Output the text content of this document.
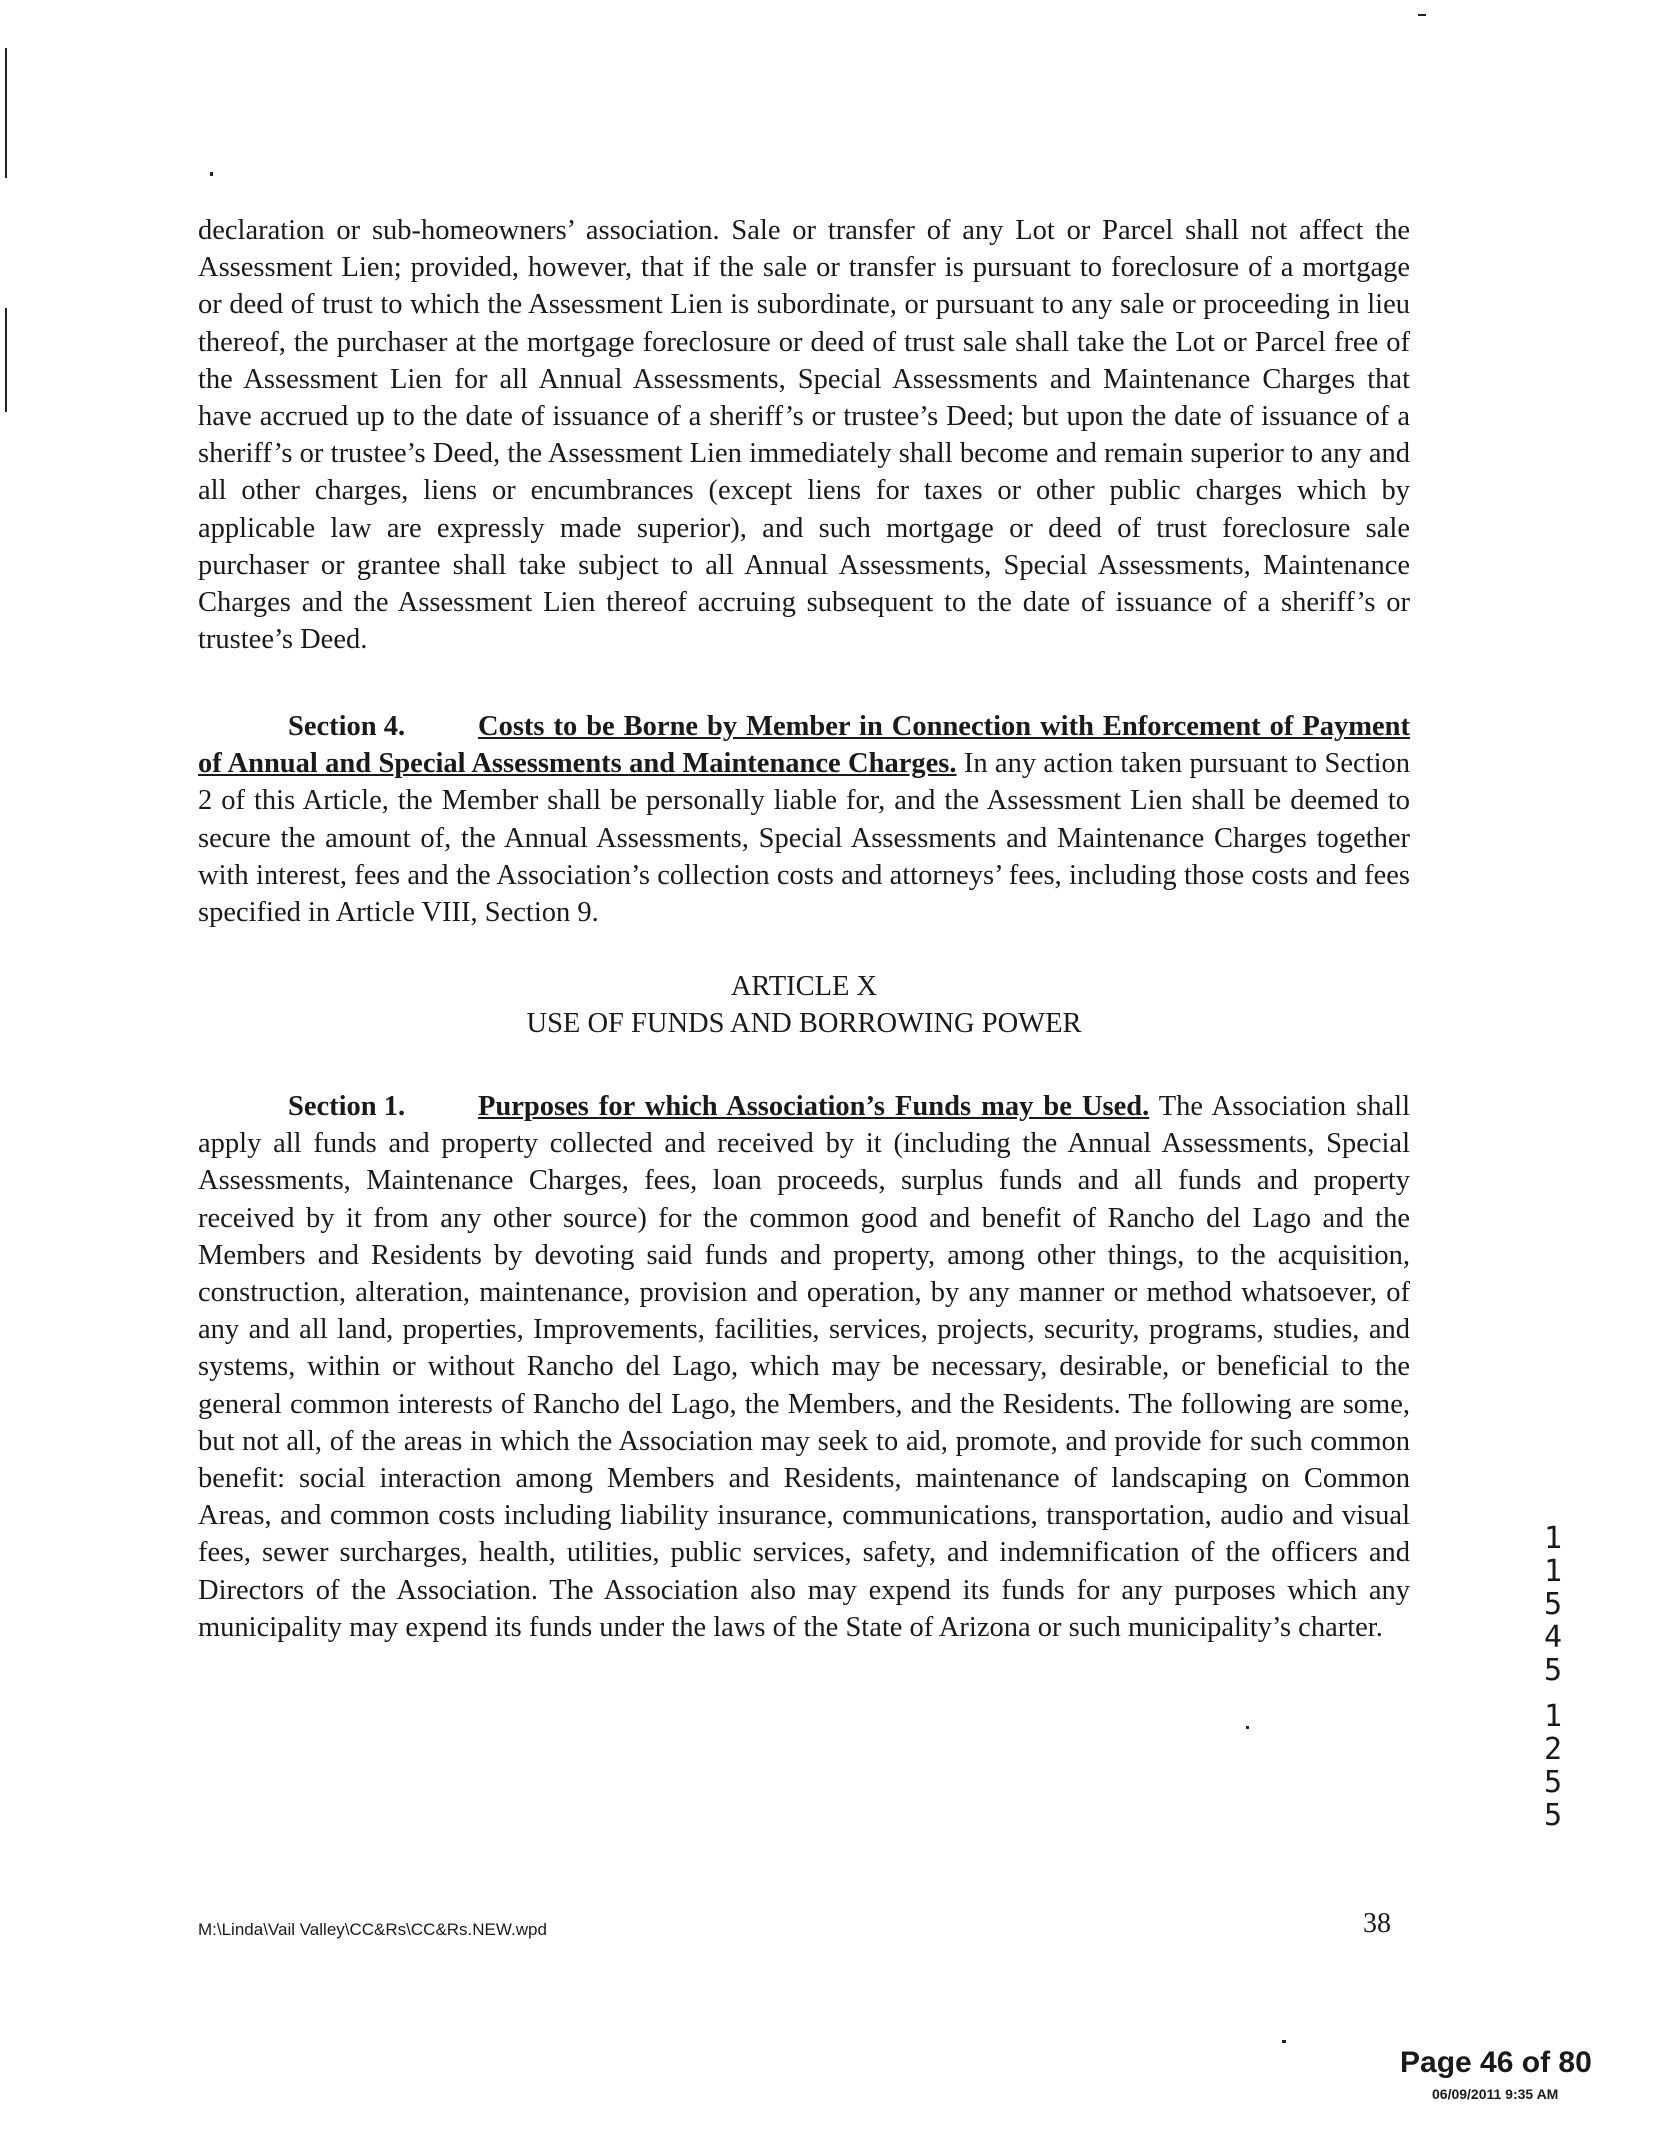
declaration or sub-homeowners’ association. Sale or transfer of any Lot or Parcel shall not affect the Assessment Lien; provided, however, that if the sale or transfer is pursuant to foreclosure of a mortgage or deed of trust to which the Assessment Lien is subordinate, or pursuant to any sale or proceeding in lieu thereof, the purchaser at the mortgage foreclosure or deed of trust sale shall take the Lot or Parcel free of the Assessment Lien for all Annual Assessments, Special Assessments and Maintenance Charges that have accrued up to the date of issuance of a sheriff’s or trustee’s Deed; but upon the date of issuance of a sheriff’s or trustee’s Deed, the Assessment Lien immediately shall become and remain superior to any and all other charges, liens or encumbrances (except liens for taxes or other public charges which by applicable law are expressly made superior), and such mortgage or deed of trust foreclosure sale purchaser or grantee shall take subject to all Annual Assessments, Special Assessments, Maintenance Charges and the Assessment Lien thereof accruing subsequent to the date of issuance of a sheriff’s or trustee’s Deed.

Section 4.	Costs to be Borne by Member in Connection with Enforcement of Payment of Annual and Special Assessments and Maintenance Charges. In any action taken pursuant to Section 2 of this Article, the Member shall be personally liable for, and the Assessment Lien shall be deemed to secure the amount of, the Annual Assessments, Special Assessments and Maintenance Charges together with interest, fees and the Association’s collection costs and attorneys’ fees, including those costs and fees specified in Article VIII, Section 9.

ARTICLE X

USE OF FUNDS AND BORROWING POWER

Section 1.	Purposes for which Association’s Funds may be Used. The Association shall apply all funds and property collected and received by it (including the Annual Assessments, Special Assessments, Maintenance Charges, fees, loan proceeds, surplus funds and all funds and property received by it from any other source) for the common good and benefit of Rancho del Lago and the Members and Residents by devoting said funds and property, among other things, to the acquisition, construction, alteration, maintenance, provision and operation, by any manner or method whatsoever, of any and all land, properties, Improvements, facilities, services, projects, security, programs, studies, and systems, within or without Rancho del Lago, which may be necessary, desirable, or beneficial to the general common interests of Rancho del Lago, the Members, and the Residents. The following are some, but not all, of the areas in which the Association may seek to aid, promote, and provide for such common benefit: social interaction among Members and Residents, maintenance of landscaping on Common Areas, and common costs including liability insurance, communications, transportation, audio and visual fees, sewer surcharges, health, utilities, public services, safety, and indemnification of the officers and Directors of the Association. The Association also may expend its funds for any purposes which any municipality may expend its funds under the laws of the State of Arizona or such municipality’s charter.

1
1
5
4
5
1
2
5
5
M:\Linda\Vail Valley\CC&Rs\CC&Rs.NEW.wpd	38
Page 46 of 80
06/09/2011 9:35 AM
